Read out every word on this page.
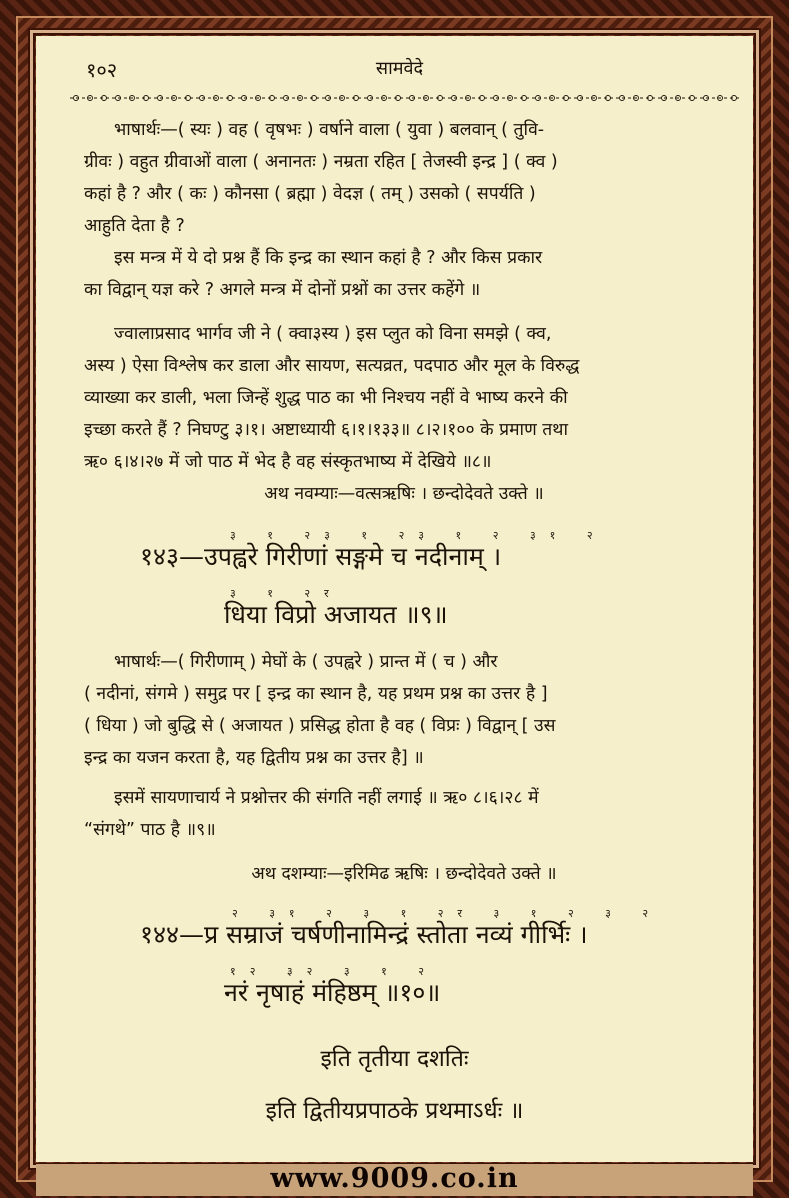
१०२	सामवेदे
भाषार्थः—( स्यः ) वह ( वृषभः ) वर्षाने वाला ( युवा ) बलवान् ( तुवि-
ग्रीवः ) वहुत ग्रीवाओं वाला ( अनानतः ) नम्रता रहित [ तेजस्वी इन्द्र ] ( क्व )
कहां है ? और ( कः ) कौनसा ( ब्रह्मा ) वेदज्ञ ( तम् ) उसको ( सपर्यति )
आहुति देता है ?
इस मन्त्र में ये दो प्रश्न हैं कि इन्द्र का स्थान कहां है ? और किस प्रकार
का विद्वान् यज्ञ करे ? अगले मन्त्र में दोनों प्रश्नों का उत्तर कहेंगे ॥
ज्वालाप्रसाद भार्गव जी ने ( क्वा३स्य ) इस प्लुत को विना समझे ( क्व,
अस्य ) ऐसा विश्लेष कर डाला और सायण, सत्यव्रत, पदपाठ और मूल के विरुद्ध
व्याख्या कर डाली, भला जिन्हें शुद्ध पाठ का भी निश्चय नहीं वे भाष्य करने की
इच्छा करते हैं ? निघण्टु ३।१। अष्टाध्यायी ६।१।१३३॥ ८।२।१०० के प्रमाण तथा
ऋ० ६।४।२७ में जो पाठ में भेद है वह संस्कृतभाष्य में देखिये ॥८॥
अथ नवम्याः—वत्सऋषिः । छन्दोदेवते उक्ते ॥
३ १ २३ १ २३ १ २ ३१ २
१४३—उपह्वरे गिरीणां सङ्गमे च नदीनाम् ।
३ १ २र
धिया विप्रो अजायत ॥९॥
भाषार्थः—( गिरीणाम् ) मेघों के ( उपह्वरे ) प्रान्त में ( च ) और
( नदीनां, संगमे ) समुद्र पर [ इन्द्र का स्थान है, यह प्रथम प्रश्न का उत्तर है ]
( धिया ) जो बुद्धि से ( अजायत ) प्रसिद्ध होता है वह ( विप्रः ) विद्वान् [ उस
इन्द्र का यजन करता है, यह द्वितीय प्रश्न का उत्तर है] ॥
इसमें सायणाचार्य ने प्रश्नोत्तर की संगति नहीं लगाई ॥ ऋ० ८।६।२८ में
“संगथे” पाठ है ॥९॥
अथ दशम्याः—इरिमिढ ऋषिः । छन्दोदेवते उक्ते ॥
२ ३१ २ ३ १ २र ३ १ २ ३ २
१४४—प्र सम्राजं चर्षणीनामिन्द्रं स्तोता नव्यं गीर्भिः ।
१२ ३२ ३ १ २
नरं नृषाहं मंहिष्ठम् ॥१०॥
इति तृतीया दशतिः
इति द्वितीयप्रपाठके प्रथमाऽर्धः ॥
www.9009.co.in
